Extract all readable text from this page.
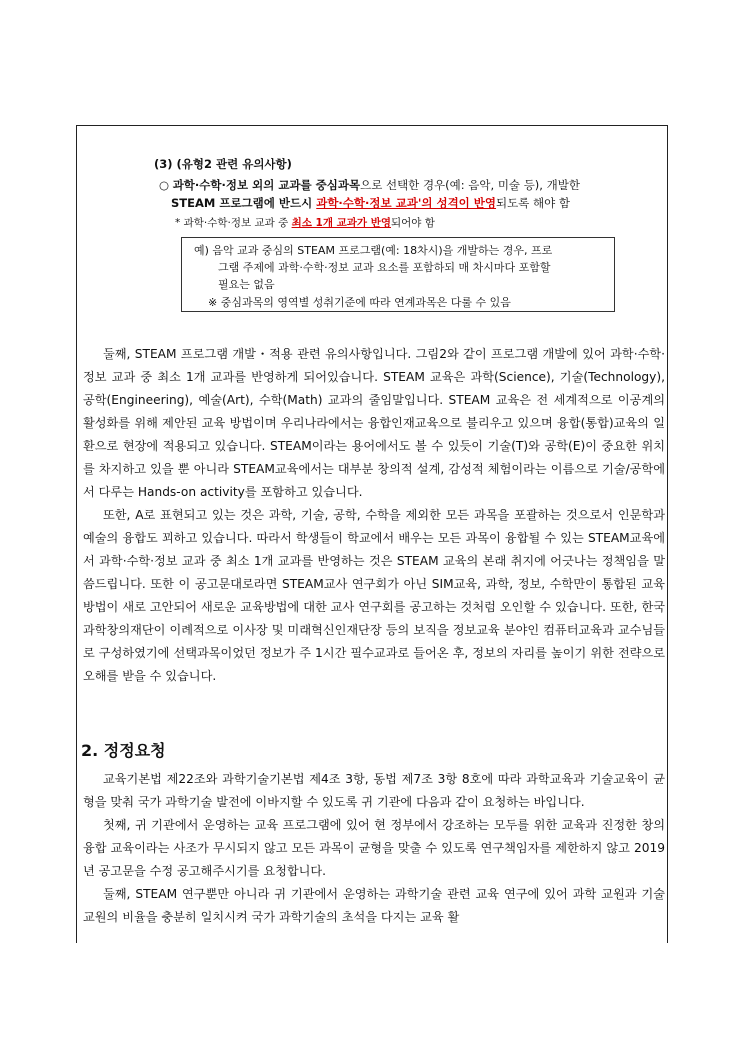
(3) (유형2 관련 유의사항)
○ 과학·수학·정보 외의 교과를 중심과목으로 선택한 경우(예: 음악, 미술 등), 개발한
STEAM 프로그램에 반드시 과학·수학·정보 교과'의 성격이 반영되도록 해야 함
* 과학·수학·정보 교과 중 최소 1개 교과가 반영되어야 함
예) 음악 교과 중심의 STEAM 프로그램(예: 18차시)을 개발하는 경우, 프로
그램 주제에 과학·수학·정보 교과 요소를 포함하되 매 차시마다 포함할
필요는 없음
※ 중심과목의 영역별 성취기준에 따라 연계과목은 다룰 수 있음

둘째, STEAM 프로그램 개발・적용 관련 유의사항입니다. 그림2와 같이 프로그램 개발에 있어 과학·수학·정보 교과 중 최소 1개 교과를 반영하게 되어있습니다. STEAM 교육은 과학(Science), 기술(Technology), 공학(Engineering), 예술(Art), 수학(Math) 교과의 줄임말입니다. STEAM 교육은 전 세계적으로 이공계의 활성화를 위해 제안된 교육 방법이며 우리나라에서는 융합인재교육으로 불리우고 있으며 융합(통합)교육의 일환으로 현장에 적용되고 있습니다. STEAM이라는 용어에서도 볼 수 있듯이 기술(T)와 공학(E)이 중요한 위치를 차지하고 있을 뿐 아니라 STEAM교육에서는 대부분 창의적 설계, 감성적 체험이라는 이름으로 기술/공학에서 다루는 Hands-on activity를 포함하고 있습니다.

또한, A로 표현되고 있는 것은 과학, 기술, 공학, 수학을 제외한 모든 과목을 포괄하는 것으로서 인문학과 예술의 융합도 꾀하고 있습니다. 따라서 학생들이 학교에서 배우는 모든 과목이 융합될 수 있는 STEAM교육에서 과학·수학·정보 교과 중 최소 1개 교과를 반영하는 것은 STEAM 교육의 본래 취지에 어긋나는 정책임을 말씀드립니다. 또한 이 공고문대로라면 STEAM교사 연구회가 아닌 SIM교육, 과학, 정보, 수학만이 통합된 교육방법이 새로 고안되어 새로운 교육방법에 대한 교사 연구회를 공고하는 것처럼 오인할 수 있습니다. 또한, 한국과학창의재단이 이례적으로 이사장 및 미래혁신인재단장 등의 보직을 정보교육 분야인 컴퓨터교육과 교수님들로 구성하였기에 선택과목이었던 정보가 주 1시간 필수교과로 들어온 후, 정보의 자리를 높이기 위한 전략으로 오해를 받을 수 있습니다.

2. 정정요청

교육기본법 제22조와 과학기술기본법 제4조 3항, 동법 제7조 3항 8호에 따라 과학교육과 기술교육이 균형을 맞춰 국가 과학기술 발전에 이바지할 수 있도록 귀 기관에 다음과 같이 요청하는 바입니다.

첫째, 귀 기관에서 운영하는 교육 프로그램에 있어 현 정부에서 강조하는 모두를 위한 교육과 진정한 창의융합 교육이라는 사조가 무시되지 않고 모든 과목이 균형을 맞출 수 있도록 연구책임자를 제한하지 않고 2019년 공고문을 수정 공고해주시기를 요청합니다.

둘째, STEAM 연구뿐만 아니라 귀 기관에서 운영하는 과학기술 관련 교육 연구에 있어 과학 교원과 기술 교원의 비율을 충분히 일치시켜 국가 과학기술의 초석을 다지는 교육 활
